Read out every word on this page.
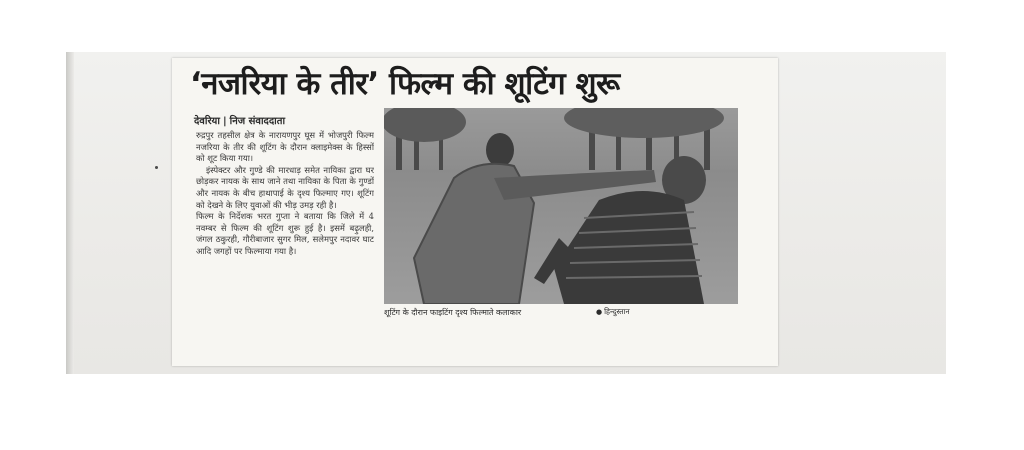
‘नजरिया के तीर’ फिल्म की शूटिंग शुरू
देवरिया | निज संवाददाता

रुद्रपुर तहसील क्षेत्र के नारायणपुर घूस में भोजपुरी फिल्म नजरिया के तीर की शूटिंग के दौरान क्लाइमेक्स के हिस्सों को शूट किया गया।

इंस्पेक्टर और गुण्डे की मारधाड़ समेत नायिका द्वारा घर छोड़कर नायक के साथ जाने तथा नायिका के पिता के गुण्डों और नायक के बीच हाथापाई के दृश्य फिल्माए गए। शूटिंग को देखने के लिए युवाओं की भीड़ उमड़ रही है।

फिल्म के निर्देशक भरत गुप्ता ने बताया कि जिले में 4 नवम्बर से फिल्म की शूटिंग शुरू हुई है। इसमें बढ़ुलही, जंगल ठकुरही, गौरीबाजार सुगर मिल, सलेमपुर नदावर घाट आदि जगहों पर फिल्माया गया है।

शूटिंग के दौरान फाइटिंग दृश्य फिल्माते कलाकार	● हिन्दुस्तान
